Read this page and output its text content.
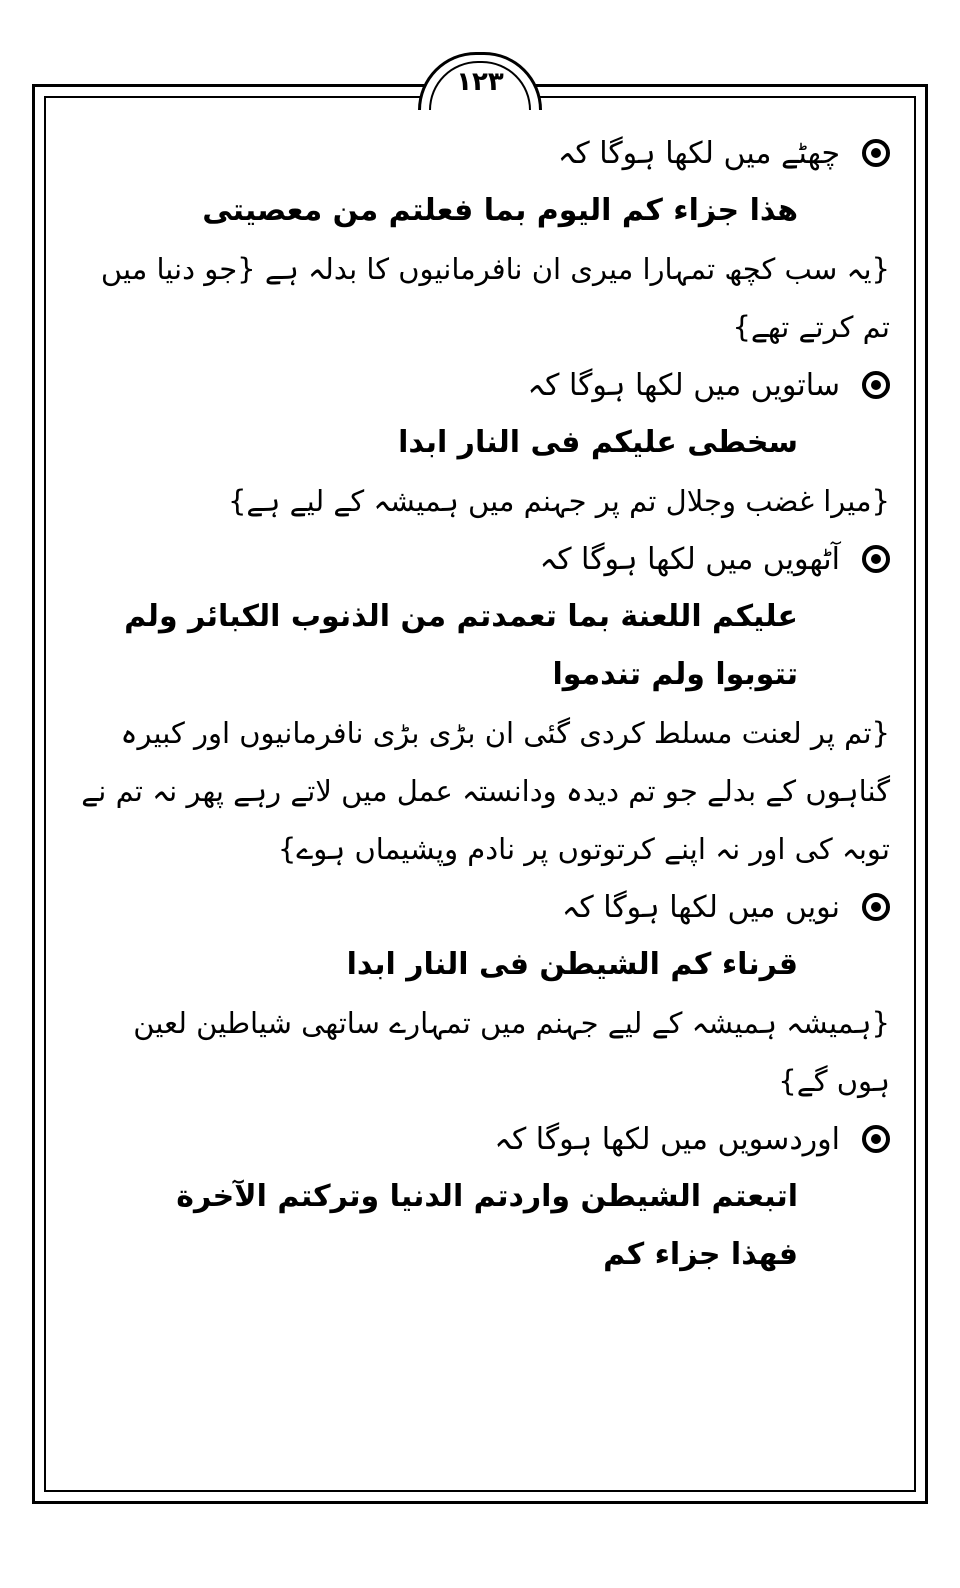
۱۲۳
چھٹے میں لکھا ہوگا کہ
ھذا جزاء کم الیوم بما فعلتم من معصیتی
{یہ سب کچھ تمہارا میری ان نافرمانیوں کا بدلہ ہے {جو دنیا میں تم کرتے تھے}
ساتویں میں لکھا ہوگا کہ
سخطی علیکم فی النار ابدا
{میرا غضب وجلال تم پر جہنم میں ہمیشہ کے لیے ہے}
آٹھویں میں لکھا ہوگا کہ
علیکم اللعنة بما تعمدتم من الذنوب الکبائر ولم تتوبوا ولم تندموا
{تم پر لعنت مسلط کردی گئی ان بڑی بڑی نافرمانیوں اور کبیرہ گناہوں کے بدلے جو تم دیدہ ودانستہ عمل میں لاتے رہے پھر نہ تم نے توبہ کی اور نہ اپنے کرتوتوں پر نادم وپشیماں ہوے}
نویں میں لکھا ہوگا کہ
قرناء کم الشیطن فی النار ابدا
{ہمیشہ ہمیشہ کے لیے جہنم میں تمہارے ساتھی شیاطین لعین ہوں گے}
اوردسویں میں لکھا ہوگا کہ
اتبعتم الشیطن واردتم الدنیا وترکتم الآخرة فھذا جزاء کم
